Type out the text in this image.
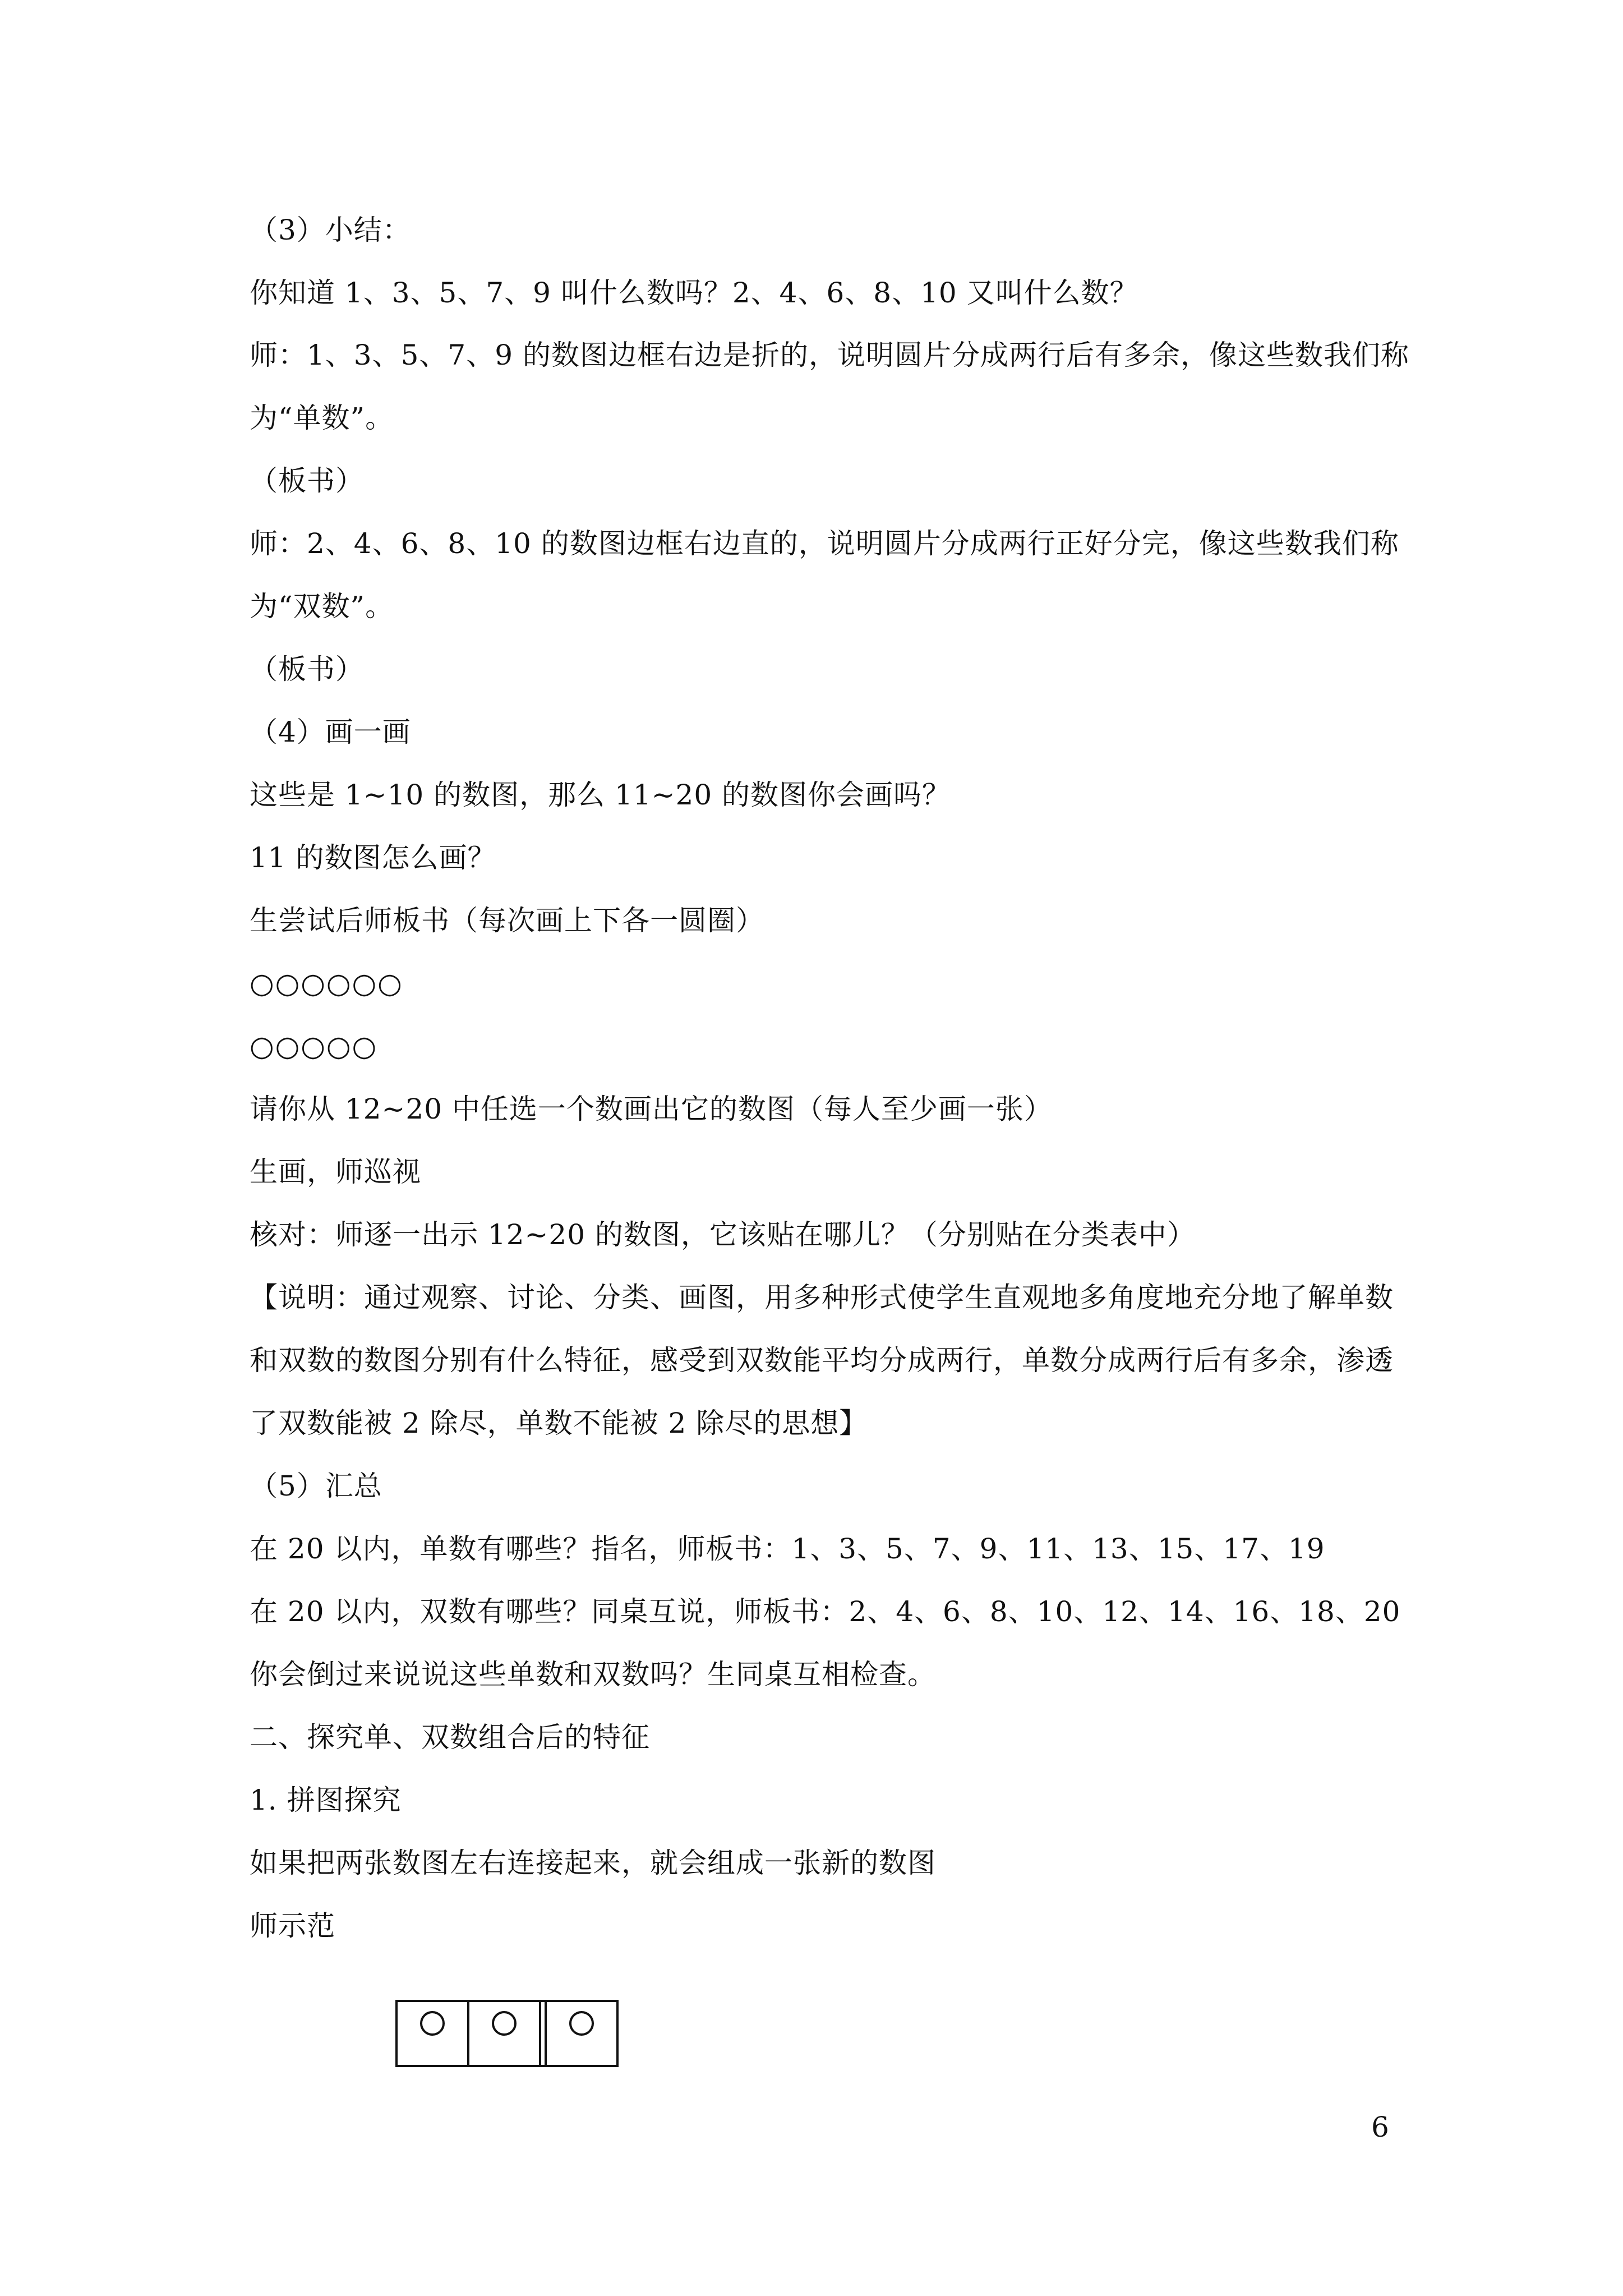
（3）小结：
你知道 1、3、5、7、9 叫什么数吗？2、4、6、8、10 又叫什么数？
师：1、3、5、7、9 的数图边框右边是折的，说明圆片分成两行后有多余，像这些数我们称
为“单数”。
（板书）
师：2、4、6、8、10 的数图边框右边直的，说明圆片分成两行正好分完，像这些数我们称
为“双数”。
（板书）
（4）画一画
这些是 1~10 的数图，那么 11~20 的数图你会画吗？
11 的数图怎么画？
生尝试后师板书（每次画上下各一圆圈）
○○○○○○
○○○○○
请你从 12~20 中任选一个数画出它的数图（每人至少画一张）
生画，师巡视
核对：师逐一出示 12~20 的数图，它该贴在哪儿？（分别贴在分类表中）
【说明：通过观察、讨论、分类、画图，用多种形式使学生直观地多角度地充分地了解单数
和双数的数图分别有什么特征，感受到双数能平均分成两行，单数分成两行后有多余，渗透
了双数能被 2 除尽，单数不能被 2 除尽的思想】
（5）汇总
在 20 以内，单数有哪些？指名，师板书：1、3、5、7、9、11、13、15、17、19
在 20 以内，双数有哪些？同桌互说，师板书：2、4、6、8、10、12、14、16、18、20
你会倒过来说说这些单数和双数吗？生同桌互相检查。
二、探究单、双数组合后的特征
1. 拼图探究
如果把两张数图左右连接起来，就会组成一张新的数图
师示范
6
